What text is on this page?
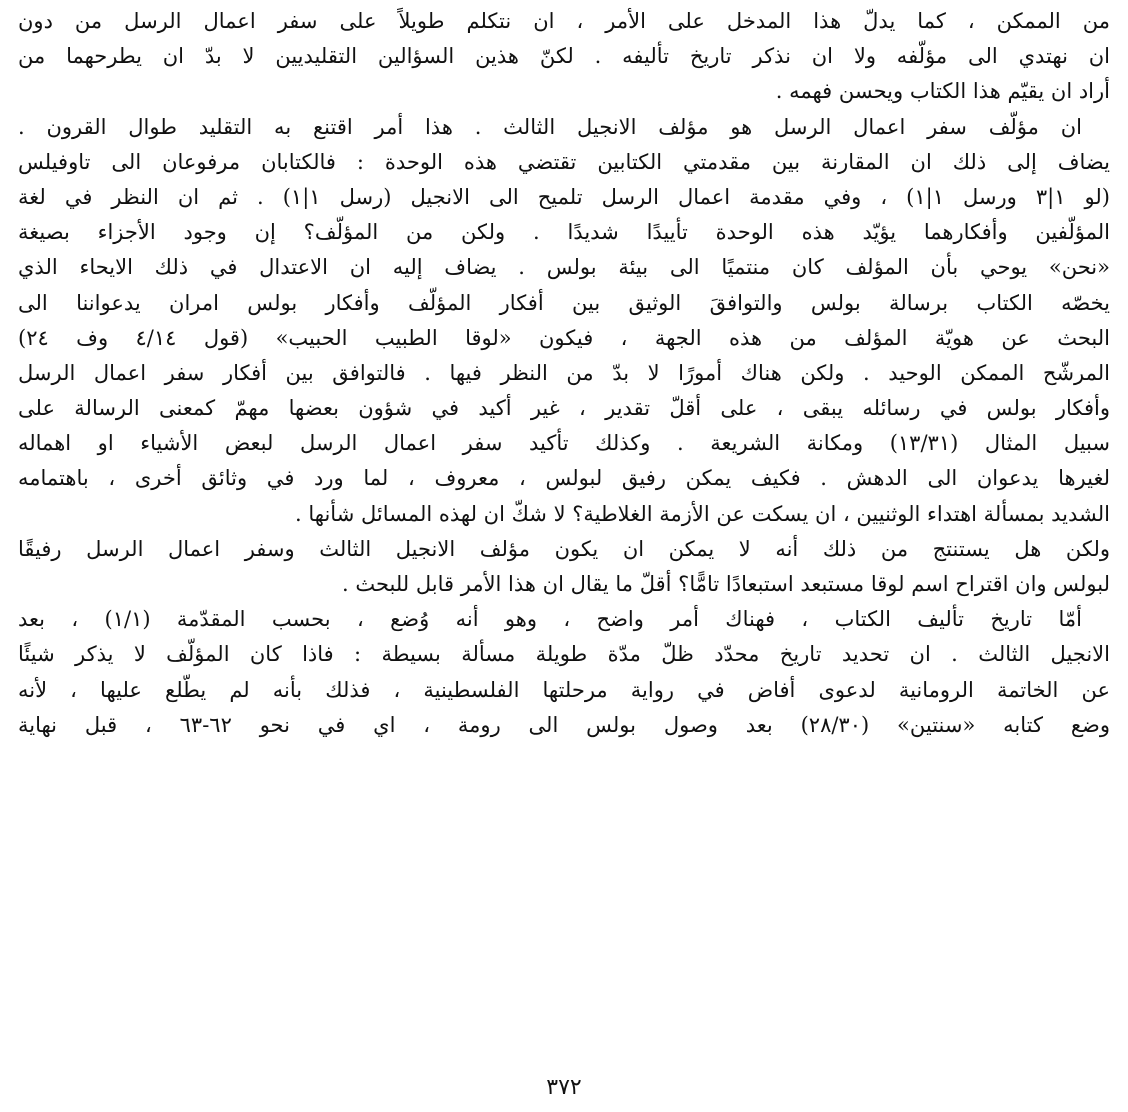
من الممكن ، كما يدلّ هذا المدخل على الأمر ، ان نتكلم طويلاً على سفر اعمال الرسل من دون
ان نهتدي الى مؤلّفه ولا ان نذكر تاريخ تأليفه . لكنّ هذين السؤالين التقليديين لا بدّ ان يطرحهما من
أراد ان يقيّم هذا الكتاب ويحسن فهمه .
ان مؤلّف سفر اعمال الرسل هو مؤلف الانجيل الثالث . هذا أمر اقتنع به التقليد طوال القرون .
يضاف إلى ذلك ان المقارنة بين مقدمتي الكتابين تقتضي هذه الوحدة : فالكتابان مرفوعان الى تاوفيلس
(لو ١|٣ ورسل ١|١) ، وفي مقدمة اعمال الرسل تلميح الى الانجيل (رسل ١|١) . ثم ان النظر في لغة
المؤلّفين وأفكارهما يؤيّد هذه الوحدة تأييدًا شديدًا . ولكن من المؤلّف؟ إن وجود الأجزاء بصيغة
«نحن» يوحي بأن المؤلف كان منتميًا الى بيئة بولس . يضاف إليه ان الاعتدال في ذلك الايحاء الذي
يخصّه الكتاب برسالة بولس والتوافقَ الوثيق بين أفكار المؤلّف وأفكار بولس امران يدعواننا الى
البحث عن هويّة المؤلف من هذه الجهة ، فيكون «لوقا الطبيب الحبيب» (قول ٤/١٤ وف ٢٤)
المرشّح الممكن الوحيد . ولكن هناك أمورًا لا بدّ من النظر فيها . فالتوافق بين أفكار سفر اعمال الرسل
وأفكار بولس في رسائله يبقى ، على أقلّ تقدير ، غير أكيد في شؤون بعضها مهمّ كمعنى الرسالة على
سبيل المثال (١٣/٣١) ومكانة الشريعة . وكذلك تأكيد سفر اعمال الرسل لبعض الأشياء او اهماله
لغيرها يدعوان الى الدهش . فكيف يمكن رفيق لبولس ، معروف ، لما ورد في وثائق أخرى ، باهتمامه
الشديد بمسألة اهتداء الوثنيين ، ان يسكت عن الأزمة الغلاطية؟ لا شكّ ان لهذه المسائل شأنها .
ولكن هل يستنتج من ذلك أنه لا يمكن ان يكون مؤلف الانجيل الثالث وسفر اعمال الرسل رفيقًا
لبولس وان اقتراح اسم لوقا مستبعد استبعادًا تامًّا؟ أقلّ ما يقال ان هذا الأمر قابل للبحث .
أمّا تاريخ تأليف الكتاب ، فهناك أمر واضح ، وهو أنه وُضع ، بحسب المقدّمة (١/١) ، بعد
الانجيل الثالث . ان تحديد تاريخ محدّد ظلّ مدّة طويلة مسألة بسيطة : فاذا كان المؤلّف لا يذكر شيئًا
عن الخاتمة الرومانية لدعوى أفاض في رواية مرحلتها الفلسطينية ، فذلك بأنه لم يطّلع عليها ، لأنه
وضع كتابه «سنتين» (٢٨/٣٠) بعد وصول بولس الى رومة ، اي في نحو ٦٢-٦٣ ، قبل نهاية
٣٧٢
